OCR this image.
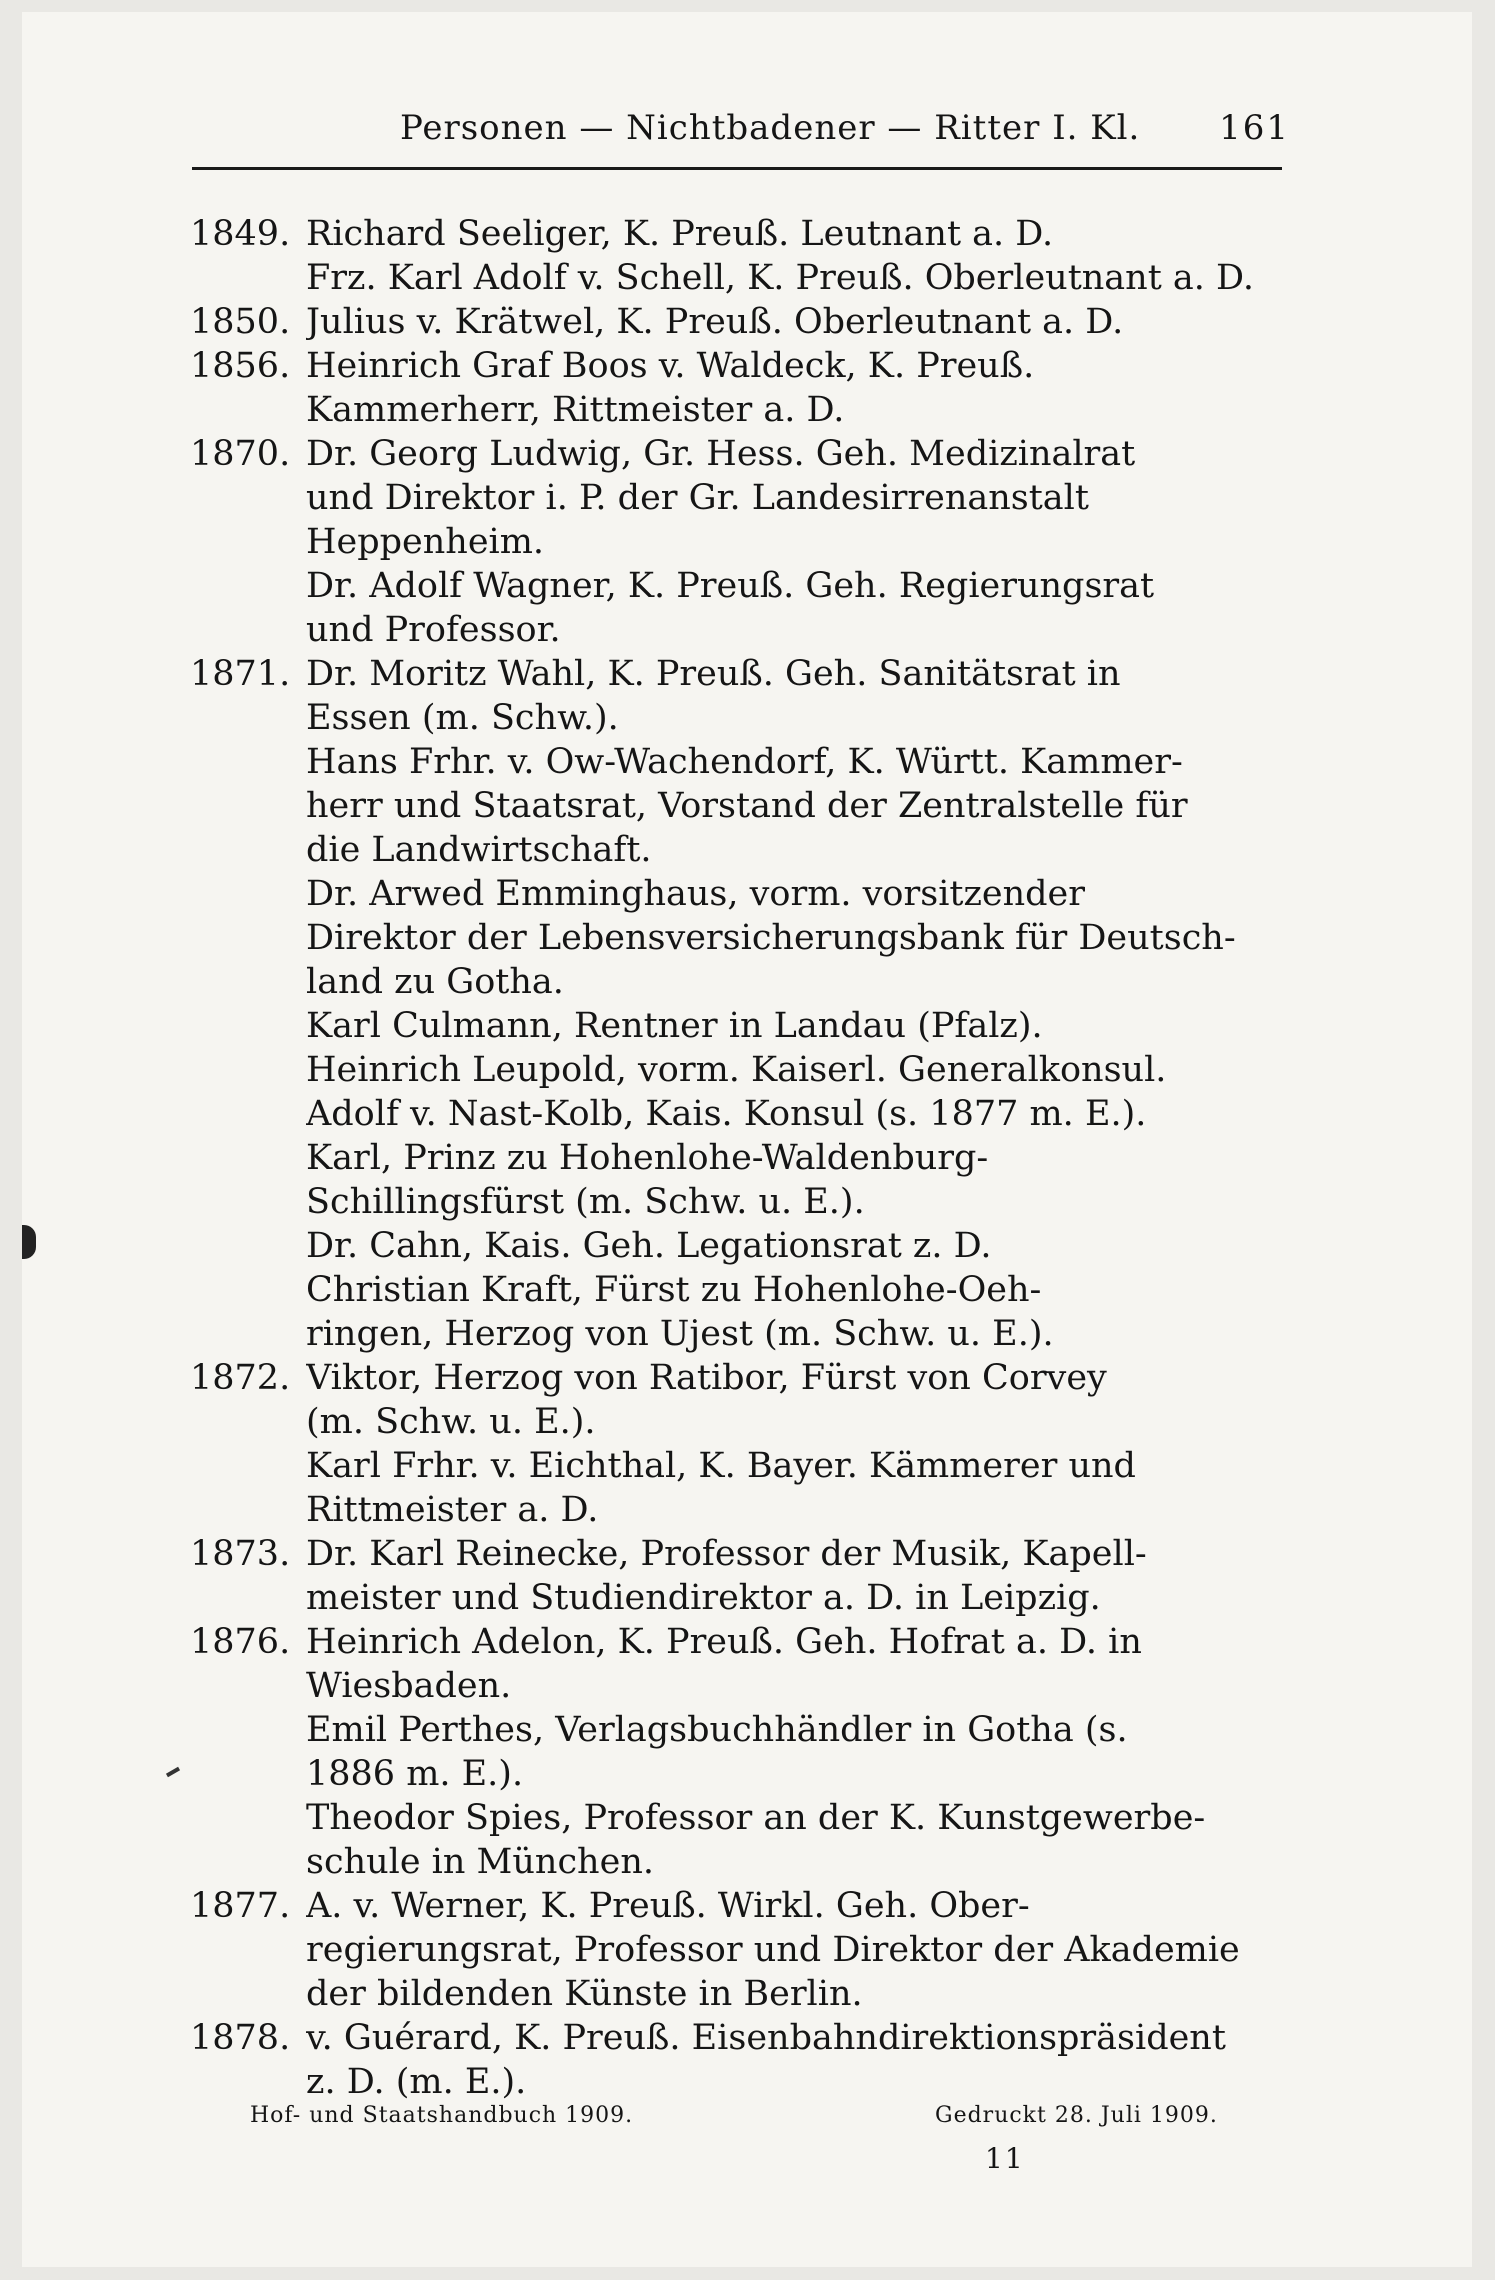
Personen — Nichtbadener — Ritter I. Kl. 161
1849. Richard Seeliger, K. Preuß. Leutnant a. D.
Frz. Karl Adolf v. Schell, K. Preuß. Oberleutnant a. D.
1850. Julius v. Krätwel, K. Preuß. Oberleutnant a. D.
1856. Heinrich Graf Boos v. Waldeck, K. Preuß.
Kammerherr, Rittmeister a. D.
1870. Dr. Georg Ludwig, Gr. Hess. Geh. Medizinalrat
und Direktor i. P. der Gr. Landesirrenanstalt
Heppenheim.
Dr. Adolf Wagner, K. Preuß. Geh. Regierungsrat
und Professor.
1871. Dr. Moritz Wahl, K. Preuß. Geh. Sanitätsrat in
Essen (m. Schw.).
Hans Frhr. v. Ow-Wachendorf, K. Württ. Kammer-
herr und Staatsrat, Vorstand der Zentralstelle für
die Landwirtschaft.
Dr. Arwed Emminghaus, vorm. vorsitzender
Direktor der Lebensversicherungsbank für Deutsch-
land zu Gotha.
Karl Culmann, Rentner in Landau (Pfalz).
Heinrich Leupold, vorm. Kaiserl. Generalkonsul.
Adolf v. Nast-Kolb, Kais. Konsul (s. 1877 m. E.).
Karl, Prinz zu Hohenlohe-Waldenburg-
Schillingsfürst (m. Schw. u. E.).
Dr. Cahn, Kais. Geh. Legationsrat z. D.
Christian Kraft, Fürst zu Hohenlohe-Oeh-
ringen, Herzog von Ujest (m. Schw. u. E.).
1872. Viktor, Herzog von Ratibor, Fürst von Corvey
(m. Schw. u. E.).
Karl Frhr. v. Eichthal, K. Bayer. Kämmerer und
Rittmeister a. D.
1873. Dr. Karl Reinecke, Professor der Musik, Kapell-
meister und Studiendirektor a. D. in Leipzig.
1876. Heinrich Adelon, K. Preuß. Geh. Hofrat a. D. in
Wiesbaden.
Emil Perthes, Verlagsbuchhändler in Gotha (s.
1886 m. E.).
Theodor Spies, Professor an der K. Kunstgewerbe-
schule in München.
1877. A. v. Werner, K. Preuß. Wirkl. Geh. Ober-
regierungsrat, Professor und Direktor der Akademie
der bildenden Künste in Berlin.
1878. v. Guérard, K. Preuß. Eisenbahndirektionspräsident
z. D. (m. E.).
Hof- und Staatshandbuch 1909.	Gedruckt 28. Juli 1909.
11
